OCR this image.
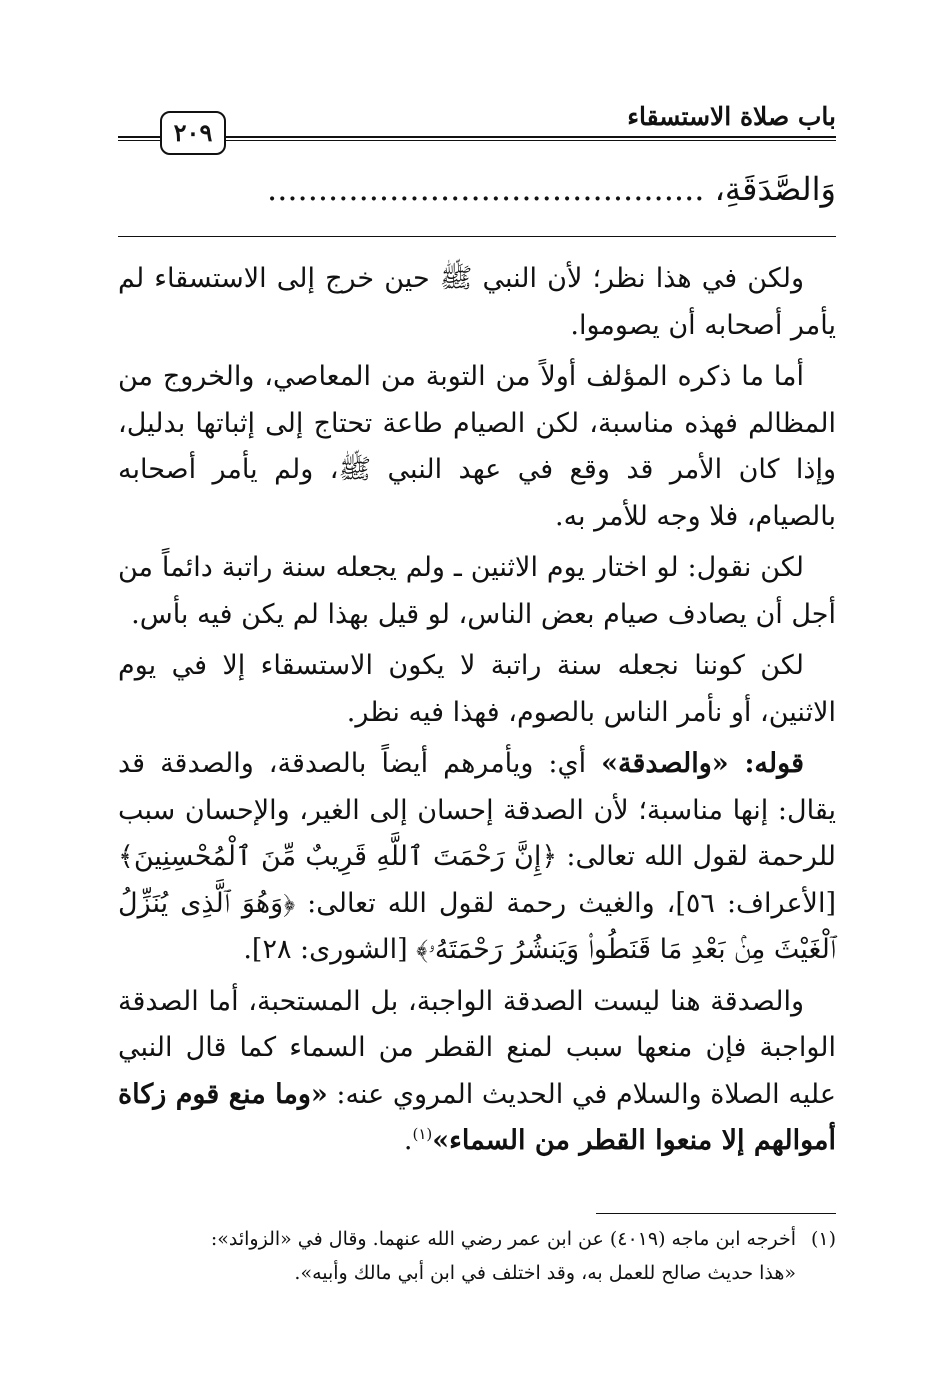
٢٠٩
باب صلاة الاستسقاء
وَالصَّدَقَةِ، ...........................................

ولكن في هذا نظر؛ لأن النبي ﷺ حين خرج إلى الاستسقاء لم يأمر أصحابه أن يصوموا.

أما ما ذكره المؤلف أولاً من التوبة من المعاصي، والخروج من المظالم فهذه مناسبة، لكن الصيام طاعة تحتاج إلى إثباتها بدليل، وإذا كان الأمر قد وقع في عهد النبي ﷺ، ولم يأمر أصحابه بالصيام، فلا وجه للأمر به.

لكن نقول: لو اختار يوم الاثنين ـ ولم يجعله سنة راتبة دائماً من أجل أن يصادف صيام بعض الناس، لو قيل بهذا لم يكن فيه بأس.

لكن كوننا نجعله سنة راتبة لا يكون الاستسقاء إلا في يوم الاثنين، أو نأمر الناس بالصوم، فهذا فيه نظر.

قوله: «والصدقة» أي: ويأمرهم أيضاً بالصدقة، والصدقة قد يقال: إنها مناسبة؛ لأن الصدقة إحسان إلى الغير، والإحسان سبب للرحمة لقول الله تعالى: ﴿إِنَّ رَحْمَتَ ٱللَّهِ قَرِيبٌ مِّنَ ٱلْمُحْسِنِينَ﴾ [الأعراف: ٥٦]، والغيث رحمة لقول الله تعالى: ﴿وَهُوَ ٱلَّذِى يُنَزِّلُ ٱلْغَيْثَ مِنۢ بَعْدِ مَا قَنَطُوا۟ وَيَنشُرُ رَحْمَتَهُۥ﴾ [الشورى: ٢٨].

والصدقة هنا ليست الصدقة الواجبة، بل المستحبة، أما الصدقة الواجبة فإن منعها سبب لمنع القطر من السماء كما قال النبي عليه الصلاة والسلام في الحديث المروي عنه: «وما منع قوم زكاة أموالهم إلا منعوا القطر من السماء»$^{(١)}$.

(١)أخرجه ابن ماجه (٤٠١٩) عن ابن عمر رضي الله عنهما. وقال في «الزوائد»:
«هذا حديث صالح للعمل به، وقد اختلف في ابن أبي مالك وأبيه».
